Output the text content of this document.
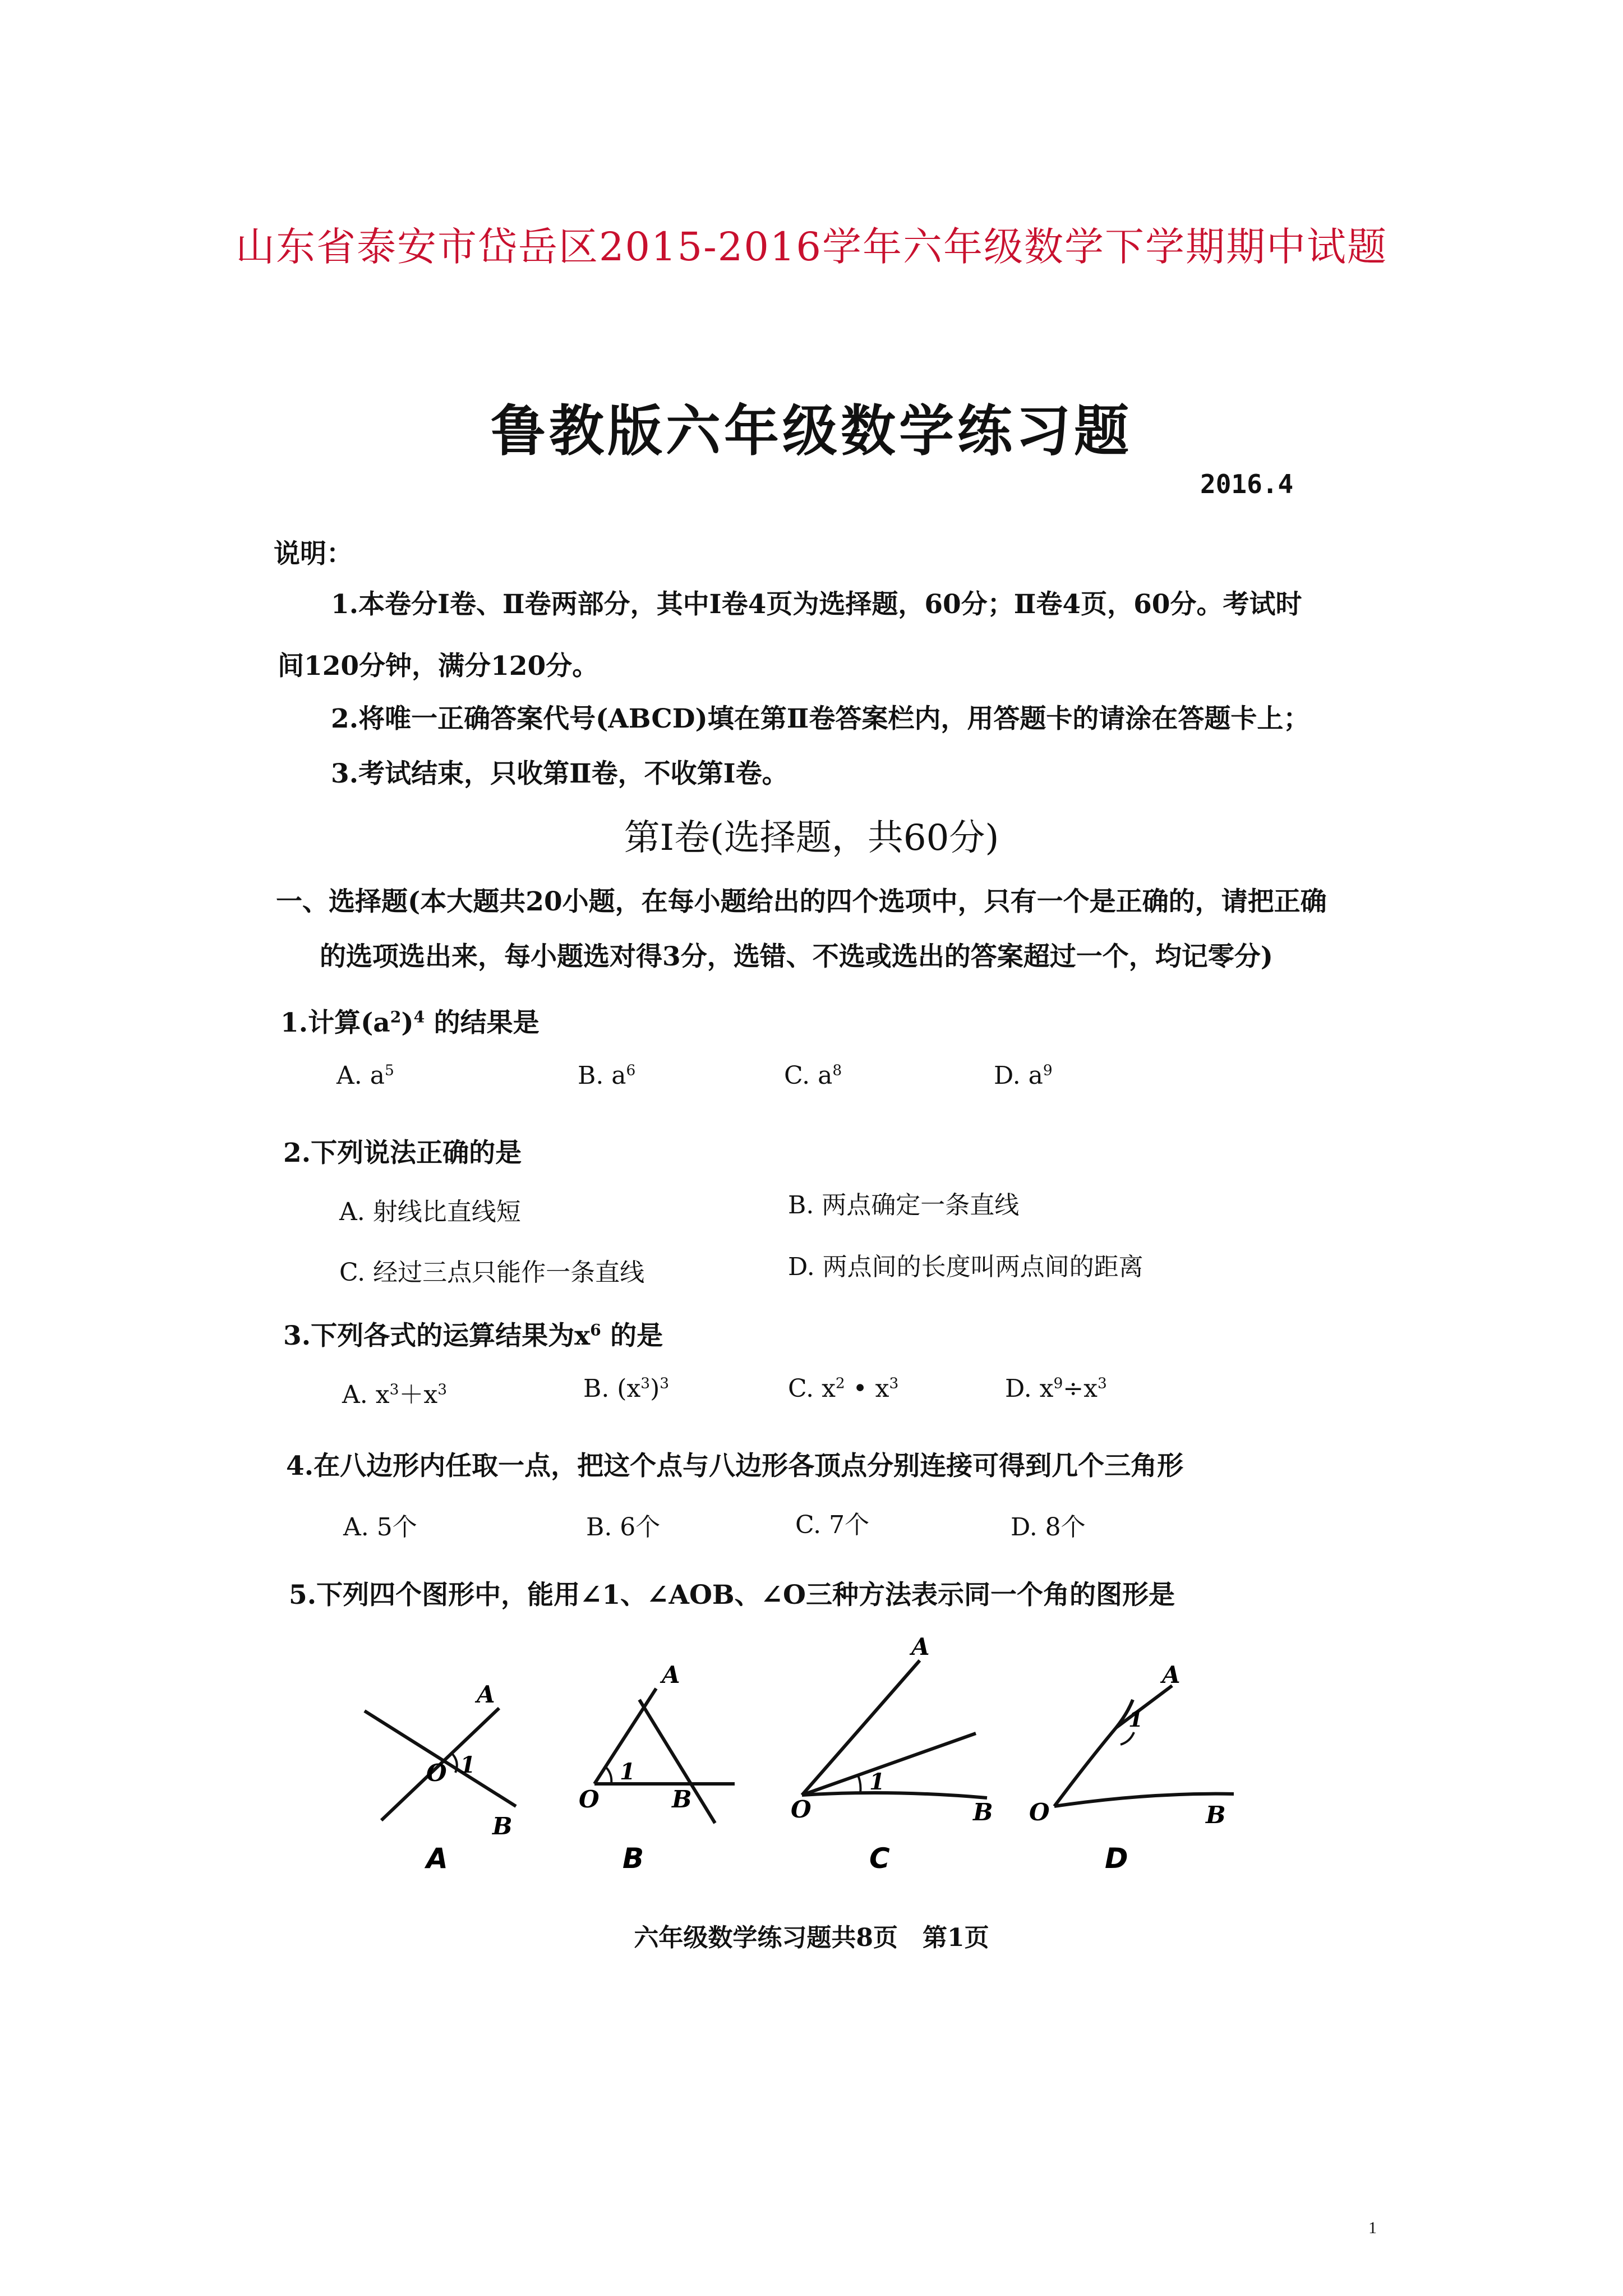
山东省泰安市岱岳区2015-2016学年六年级数学下学期期中试题
鲁教版六年级数学练习题
2016.4
说明：
1.本卷分Ⅰ卷、Ⅱ卷两部分，其中Ⅰ卷4页为选择题，60分；Ⅱ卷4页，60分。考试时
间120分钟，满分120分。
2.将唯一正确答案代号(ABCD)填在第Ⅱ卷答案栏内，用答题卡的请涂在答题卡上；
3.考试结束，只收第Ⅱ卷，不收第Ⅰ卷。
第Ⅰ卷(选择题，共60分)
一、选择题(本大题共20小题，在每小题给出的四个选项中，只有一个是正确的，请把正确
的选项选出来，每小题选对得3分，选错、不选或选出的答案超过一个，均记零分)
1.计算$(a^2)^4$ 的结果是
A. $a^5$	B. $a^6$	C. $a^8$	D. $a^9$
2.下列说法正确的是
A. 射线比直线短	B. 两点确定一条直线
C. 经过三点只能作一条直线	D. 两点间的长度叫两点间的距离
3.下列各式的运算结果为$x^6$ 的是
A. $x^3+x^3$	B. $(x^3)^3$	C. $x^2$ • $x^3$	D. $x^9\div x^3$
4.在八边形内任取一点，把这个点与八边形各顶点分别连接可得到几个三角形
A. 5个	B. 6个	C. 7个	D. 8个
5.下列四个图形中，能用∠1、∠AOB、∠O三种方法表示同一个角的图形是
A
1
O
B
A
A
1
O	B
B
A
1
O	B
C
A
1
O	B
D
六年级数学练习题共8页　第1页
1
